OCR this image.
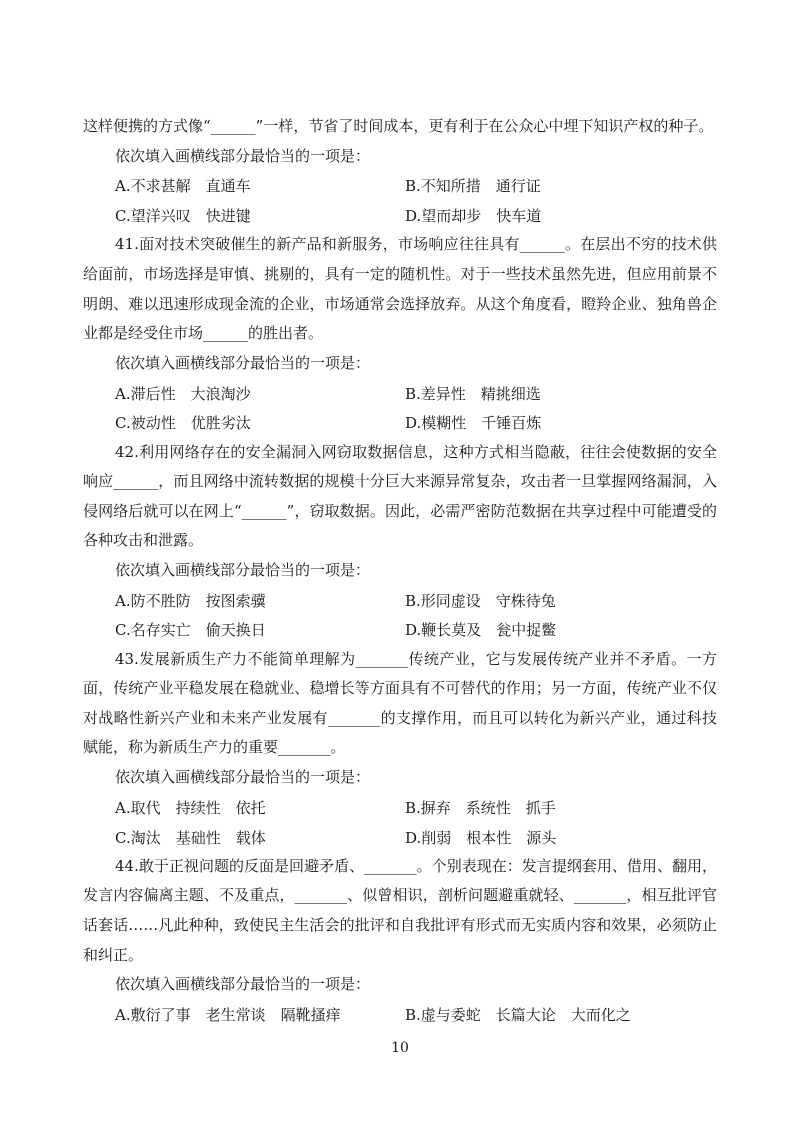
这样便携的方式像“______”一样，节省了时间成本，更有利于在公众心中埋下知识产权的种子。

依次填入画横线部分最恰当的一项是：

A.不求甚解　直通车	B.不知所措　通行证
C.望洋兴叹　快进键	D.望而却步　快车道

41.面对技术突破催生的新产品和新服务，市场响应往往具有______。在层出不穷的技术供给面前，市场选择是审慎、挑剔的，具有一定的随机性。对于一些技术虽然先进，但应用前景不明朗、难以迅速形成现金流的企业，市场通常会选择放弃。从这个角度看，瞪羚企业、独角兽企业都是经受住市场______的胜出者。

依次填入画横线部分最恰当的一项是：

A.滞后性　大浪淘沙	B.差异性　精挑细选
C.被动性　优胜劣汰	D.模糊性　千锤百炼

42.利用网络存在的安全漏洞入网窃取数据信息，这种方式相当隐蔽，往往会使数据的安全响应______，而且网络中流转数据的规模十分巨大来源异常复杂，攻击者一旦掌握网络漏洞，入侵网络后就可以在网上“______”，窃取数据。因此，必需严密防范数据在共享过程中可能遭受的各种攻击和泄露。

依次填入画横线部分最恰当的一项是：

A.防不胜防　按图索骥	B.形同虚设　守株待兔
C.名存实亡　偷天换日	D.鞭长莫及　瓮中捉鳖

43.发展新质生产力不能简单理解为_______传统产业，它与发展传统产业并不矛盾。一方面，传统产业平稳发展在稳就业、稳增长等方面具有不可替代的作用；另一方面，传统产业不仅对战略性新兴产业和未来产业发展有_______的支撑作用，而且可以转化为新兴产业，通过科技赋能，称为新质生产力的重要_______。

依次填入画横线部分最恰当的一项是：

A.取代　持续性　依托	B.摒弃　系统性　抓手
C.淘汰　基础性　载体	D.削弱　根本性　源头

44.敢于正视问题的反面是回避矛盾、_______。个别表现在：发言提纲套用、借用、翻用，发言内容偏离主题、不及重点，_______、似曾相识，剖析问题避重就轻、_______，相互批评官话套话……凡此种种，致使民主生活会的批评和自我批评有形式而无实质内容和效果，必须防止和纠正。

依次填入画横线部分最恰当的一项是：

A.敷衍了事　老生常谈　隔靴搔痒	B.虚与委蛇　长篇大论　大而化之
10
